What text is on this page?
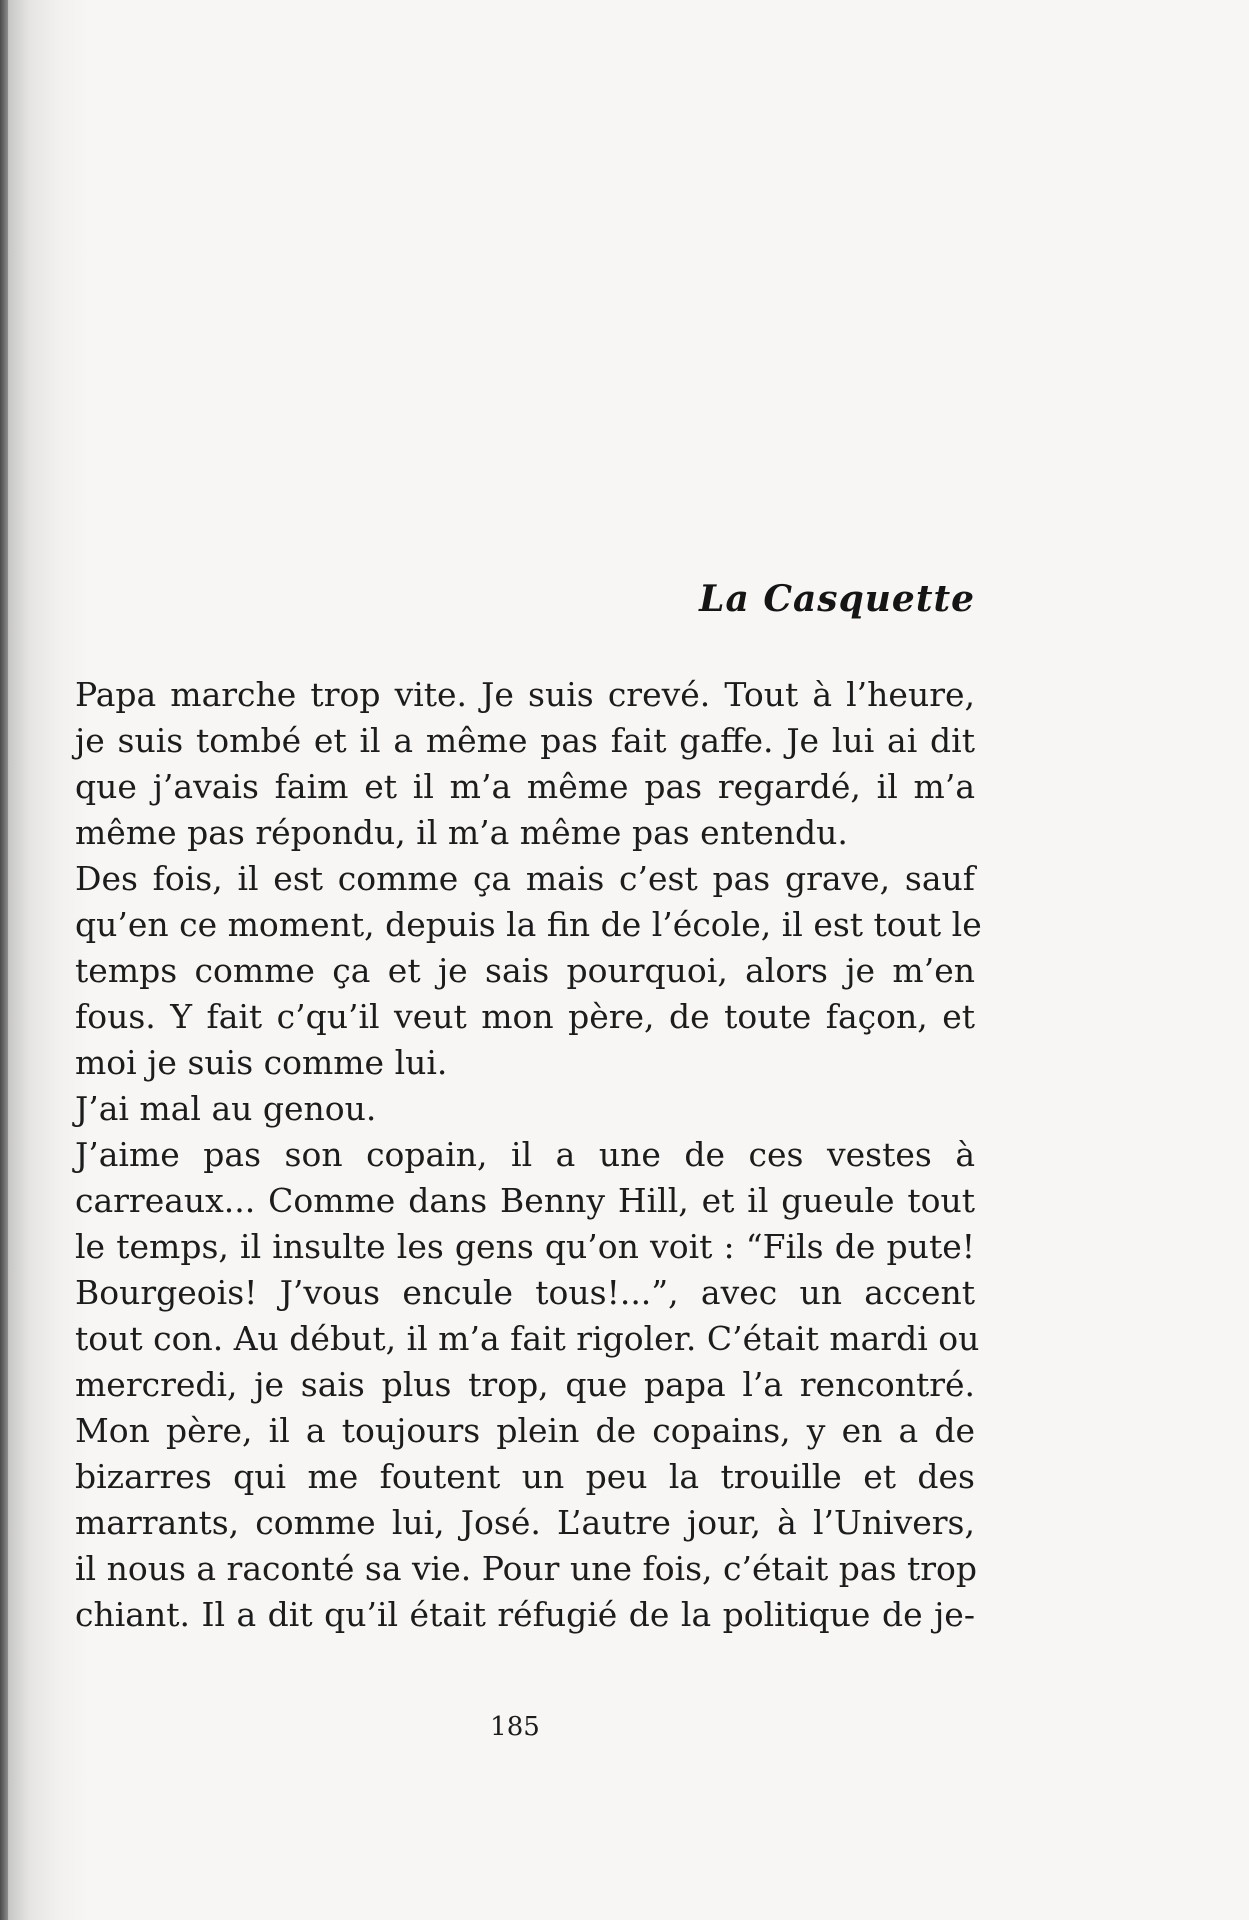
La Casquette
Papa marche trop vite. Je suis crevé. Tout à l’heure,
je suis tombé et il a même pas fait gaffe. Je lui ai dit
que j’avais faim et il m’a même pas regardé, il m’a
même pas répondu, il m’a même pas entendu.
Des fois, il est comme ça mais c’est pas grave, sauf
qu’en ce moment, depuis la fin de l’école, il est tout le
temps comme ça et je sais pourquoi, alors je m’en
fous. Y fait c’qu’il veut mon père, de toute façon, et
moi je suis comme lui.
J’ai mal au genou.
J’aime pas son copain, il a une de ces vestes à
carreaux... Comme dans Benny Hill, et il gueule tout
le temps, il insulte les gens qu’on voit : “Fils de pute!
Bourgeois! J’vous encule tous!...”, avec un accent
tout con. Au début, il m’a fait rigoler. C’était mardi ou
mercredi, je sais plus trop, que papa l’a rencontré.
Mon père, il a toujours plein de copains, y en a de
bizarres qui me foutent un peu la trouille et des
marrants, comme lui, José. L’autre jour, à l’Univers,
il nous a raconté sa vie. Pour une fois, c’était pas trop
chiant. Il a dit qu’il était réfugié de la politique de je-

185
